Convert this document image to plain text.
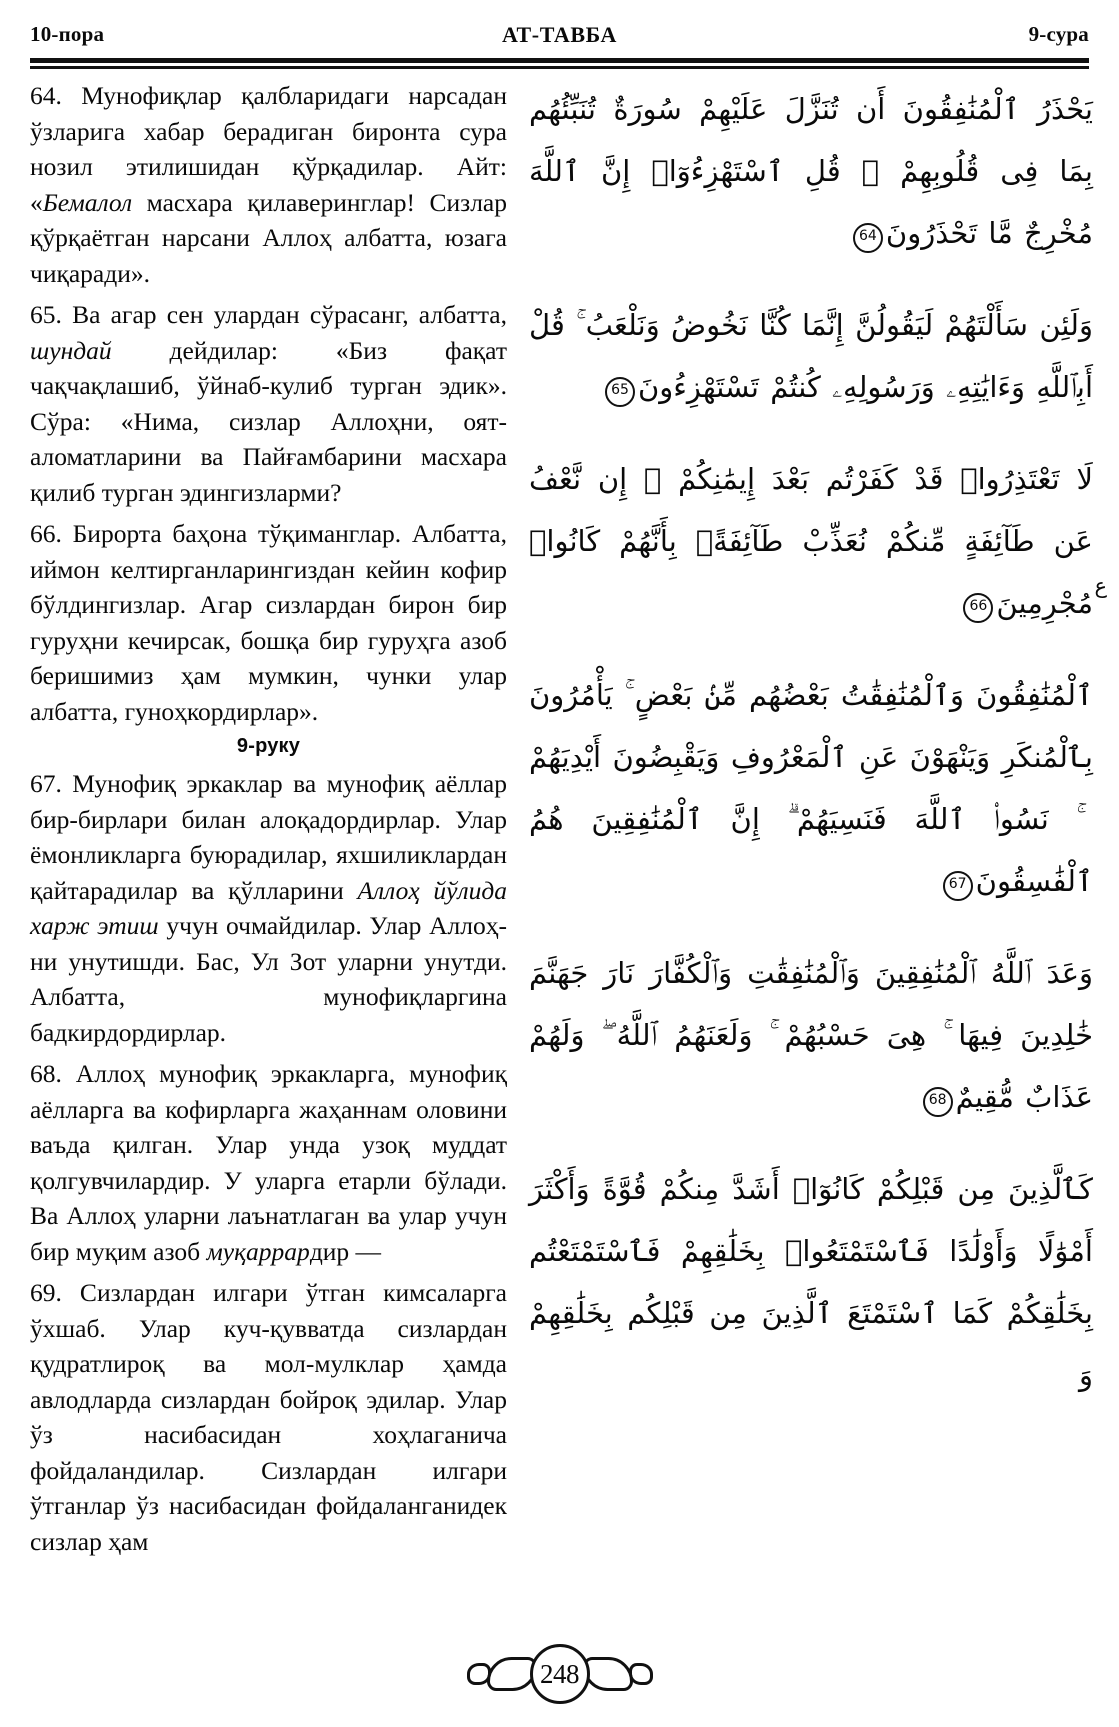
10-пора	АТ-ТАВБА	9-сура

64. Мунофиқлар қалбларидаги нарсадан ўзларига хабар берадиган биронта сура нозил этилишидан қўрқадилар. Айт: «Бемалол масхара қилаверинглар! Сизлар қўрқаётган нарсани Аллоҳ албатта, юзага чиқаради».

65. Ва агар сен улардан сўрасанг, албатта, шундай дейдилар: «Биз фақат чақчақлашиб, ўйнаб-кулиб турган эдик». Сўра: «Нима, сизлар Аллоҳни, оят-аломатларини ва Пайғамбарини масхара қилиб турган эдингизларми?

66. Бирорта баҳона тўқиманглар. Албатта, иймон келтирганларингиздан кейин кофир бўлдингизлар. Агар сизлардан бирон бир гуруҳни кечирсак, бошқа бир гуруҳга азоб беришимиз ҳам мумкин, чунки улар албатта, гуноҳкордирлар».

9-руку

67. Мунофиқ эркаклар ва мунофиқ аёллар бир-бирлари билан алоқадордирлар. Улар ёмонликларга буюрадилар, яхшиликлардан қайтарадилар ва қўлларини Аллоҳ йўлида харж этиш учун очмайдилар. Улар Аллоҳни унутишди. Бас, Ул Зот уларни унутди. Албатта, мунофиқларгина бадкирдордирлар.

68. Аллоҳ мунофиқ эркакларга, мунофиқ аёлларга ва кофирларга жаҳаннам оловини ваъда қилган. Улар унда узоқ муддат қолгувчилардир. У уларга етарли бўлади. Ва Аллоҳ уларни лаънатлаган ва улар учун бир муқим азоб муқаррардир —

69. Сизлардан илгари ўтган кимсаларга ўхшаб. Улар куч-қувватда сизлардан қудратлироқ ва мол-мулклар ҳамда авлодларда сизлардан бойроқ эдилар. Улар ўз насибасидан хоҳлаганича фойдаландилар. Сизлардан илгари ўтганлар ўз насибасидан фойдаланганидек сизлар ҳам

يَحْذَرُ ٱلْمُنَٰفِقُونَ أَن تُنَزَّلَ عَلَيْهِمْ سُورَةٌ تُنَبِّئُهُم بِمَا فِى قُلُوبِهِمْ ۚ قُلِ ٱسْتَهْزِءُوٓا۟ إِنَّ ٱللَّهَ مُخْرِجٌ مَّا تَحْذَرُونَ64
وَلَئِن سَأَلْتَهُمْ لَيَقُولُنَّ إِنَّمَا كُنَّا نَخُوضُ وَنَلْعَبُ ۚ قُلْ أَبِٱللَّهِ وَءَايَٰتِهِۦ وَرَسُولِهِۦ كُنتُمْ تَسْتَهْزِءُونَ65
لَا تَعْتَذِرُوا۟ قَدْ كَفَرْتُم بَعْدَ إِيمَٰنِكُمْ ۚ إِن نَّعْفُ عَن طَآئِفَةٍ مِّنكُمْ نُعَذِّبْ طَآئِفَةًۢ بِأَنَّهُمْ كَانُوا۟ مُجْرِمِينَ66
ٱلْمُنَٰفِقُونَ وَٱلْمُنَٰفِقَٰتُ بَعْضُهُم مِّنۢ بَعْضٍ ۚ يَأْمُرُونَ بِٱلْمُنكَرِ وَيَنْهَوْنَ عَنِ ٱلْمَعْرُوفِ وَيَقْبِضُونَ أَيْدِيَهُمْ ۚ نَسُوا۟ ٱللَّهَ فَنَسِيَهُمْ ۗ إِنَّ ٱلْمُنَٰفِقِينَ هُمُ ٱلْفَٰسِقُونَ67
وَعَدَ ٱللَّهُ ٱلْمُنَٰفِقِينَ وَٱلْمُنَٰفِقَٰتِ وَٱلْكُفَّارَ نَارَ جَهَنَّمَ خَٰلِدِينَ فِيهَا ۚ هِىَ حَسْبُهُمْ ۚ وَلَعَنَهُمُ ٱللَّهُ ۖ وَلَهُمْ عَذَابٌ مُّقِيمٌ68
كَٱلَّذِينَ مِن قَبْلِكُمْ كَانُوٓا۟ أَشَدَّ مِنكُمْ قُوَّةً وَأَكْثَرَ أَمْوَٰلًا وَأَوْلَٰدًا فَٱسْتَمْتَعُوا۟ بِخَلَٰقِهِمْ فَٱسْتَمْتَعْتُم بِخَلَٰقِكُمْ كَمَا ٱسْتَمْتَعَ ٱلَّذِينَ مِن قَبْلِكُم بِخَلَٰقِهِمْ وَ
ع
248
